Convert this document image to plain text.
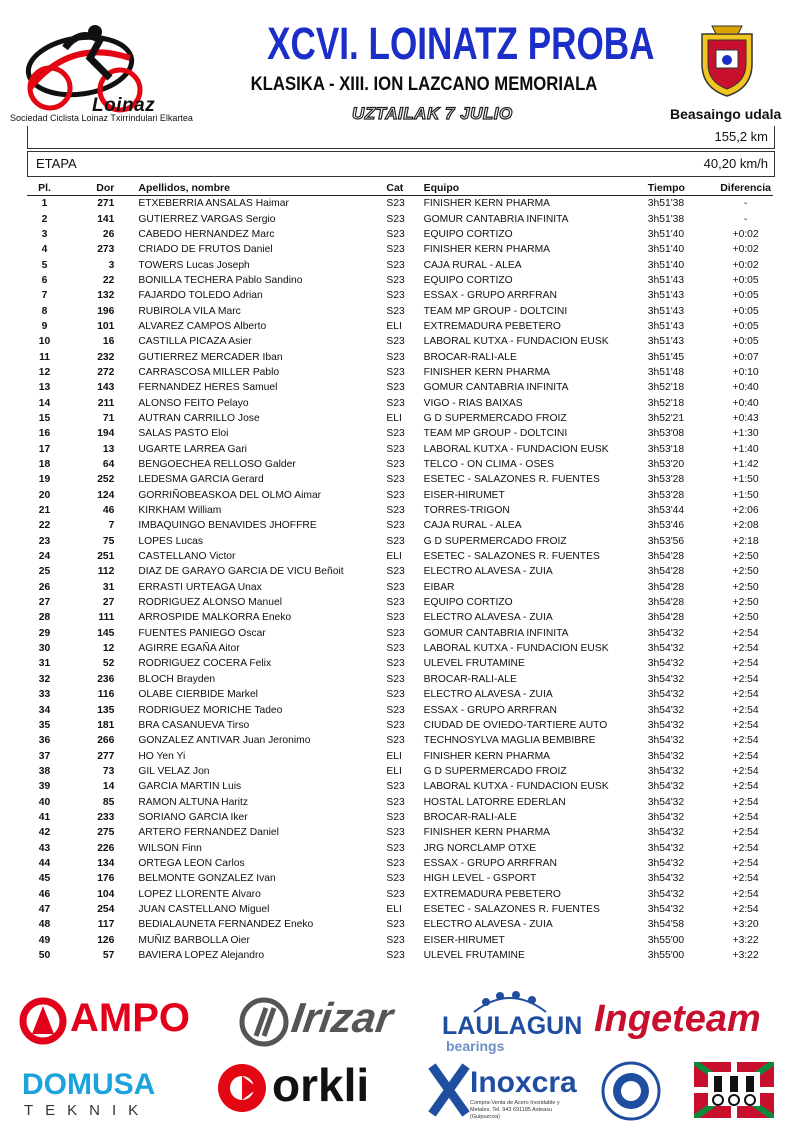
Loinaz
Sociedad Ciclista Loinaz Txirrindulari Elkartea
XCVI. LOINATZ PROBA
KLASIKA - XIII. ION LAZCANO MEMORIALA
UZTAILAK 7 JULIO	Beasaingo udala
155,2 km
ETAPA	40,20 km/h
Pl.	Dor	Apellidos, nombre	Cat	Equipo	Tiempo	Diferencia
1	271	ETXEBERRIA ANSALAS Haimar	S23	FINISHER KERN PHARMA	3h51'38	-
2	141	GUTIERREZ VARGAS Sergio	S23	GOMUR CANTABRIA INFINITA	3h51'38	-
3	26	CABEDO HERNANDEZ Marc	S23	EQUIPO CORTIZO	3h51'40	+0:02
4	273	CRIADO DE FRUTOS Daniel	S23	FINISHER KERN PHARMA	3h51'40	+0:02
5	3	TOWERS Lucas Joseph	S23	CAJA RURAL - ALEA	3h51'40	+0:02
6	22	BONILLA TECHERA Pablo Sandino	S23	EQUIPO CORTIZO	3h51'43	+0:05
7	132	FAJARDO TOLEDO Adrian	S23	ESSAX - GRUPO ARRFRAN	3h51'43	+0:05
8	196	RUBIROLA VILA Marc	S23	TEAM MP GROUP - DOLTCINI	3h51'43	+0:05
9	101	ALVAREZ CAMPOS Alberto	ELI	EXTREMADURA PEBETERO	3h51'43	+0:05
10	16	CASTILLA PICAZA Asier	S23	LABORAL KUTXA - FUNDACION EUSK	3h51'43	+0:05
11	232	GUTIERREZ MERCADER Iban	S23	BROCAR-RALI-ALE	3h51'45	+0:07
12	272	CARRASCOSA MILLER Pablo	S23	FINISHER KERN PHARMA	3h51'48	+0:10
13	143	FERNANDEZ HERES Samuel	S23	GOMUR CANTABRIA INFINITA	3h52'18	+0:40
14	211	ALONSO FEITO Pelayo	S23	VIGO - RIAS BAIXAS	3h52'18	+0:40
15	71	AUTRAN CARRILLO Jose	ELI	G D SUPERMERCADO FROIZ	3h52'21	+0:43
16	194	SALAS PASTO Eloi	S23	TEAM MP GROUP - DOLTCINI	3h53'08	+1:30
17	13	UGARTE LARREA Gari	S23	LABORAL KUTXA - FUNDACION EUSK	3h53'18	+1:40
18	64	BENGOECHEA RELLOSO Galder	S23	TELCO - ON CLIMA - OSES	3h53'20	+1:42
19	252	LEDESMA GARCIA Gerard	S23	ESETEC - SALAZONES R. FUENTES	3h53'28	+1:50
20	124	GORRIÑOBEASKOA DEL OLMO Aimar	S23	EISER-HIRUMET	3h53'28	+1:50
21	46	KIRKHAM William	S23	TORRES-TRIGON	3h53'44	+2:06
22	7	IMBAQUINGO BENAVIDES JHOFFRE	S23	CAJA RURAL - ALEA	3h53'46	+2:08
23	75	LOPES Lucas	S23	G D SUPERMERCADO FROIZ	3h53'56	+2:18
24	251	CASTELLANO Victor	ELI	ESETEC - SALAZONES R. FUENTES	3h54'28	+2:50
25	112	DIAZ DE GARAYO GARCIA DE VICU Beñoit	S23	ELECTRO ALAVESA - ZUIA	3h54'28	+2:50
26	31	ERRASTI URTEAGA Unax	S23	EIBAR	3h54'28	+2:50
27	27	RODRIGUEZ ALONSO Manuel	S23	EQUIPO CORTIZO	3h54'28	+2:50
28	111	ARROSPIDE MALKORRA Eneko	S23	ELECTRO ALAVESA - ZUIA	3h54'28	+2:50
29	145	FUENTES PANIEGO Oscar	S23	GOMUR CANTABRIA INFINITA	3h54'32	+2:54
30	12	AGIRRE EGAÑA Aitor	S23	LABORAL KUTXA - FUNDACION EUSK	3h54'32	+2:54
31	52	RODRIGUEZ COCERA Felix	S23	ULEVEL FRUTAMINE	3h54'32	+2:54
32	236	BLOCH Brayden	S23	BROCAR-RALI-ALE	3h54'32	+2:54
33	116	OLABE CIERBIDE Markel	S23	ELECTRO ALAVESA - ZUIA	3h54'32	+2:54
34	135	RODRIGUEZ MORICHE Tadeo	S23	ESSAX - GRUPO ARRFRAN	3h54'32	+2:54
35	181	BRA CASANUEVA Tirso	S23	CIUDAD DE OVIEDO-TARTIERE AUTO	3h54'32	+2:54
36	266	GONZALEZ ANTIVAR Juan Jeronimo	S23	TECHNOSYLVA MAGLIA BEMBIBRE	3h54'32	+2:54
37	277	HO Yen Yi	ELI	FINISHER KERN PHARMA	3h54'32	+2:54
38	73	GIL VELAZ Jon	ELI	G D SUPERMERCADO FROIZ	3h54'32	+2:54
39	14	GARCIA MARTIN Luis	S23	LABORAL KUTXA - FUNDACION EUSK	3h54'32	+2:54
40	85	RAMON ALTUNA Haritz	S23	HOSTAL LATORRE EDERLAN	3h54'32	+2:54
41	233	SORIANO GARCIA Iker	S23	BROCAR-RALI-ALE	3h54'32	+2:54
42	275	ARTERO FERNANDEZ Daniel	S23	FINISHER KERN PHARMA	3h54'32	+2:54
43	226	WILSON Finn	S23	JRG NORCLAMP OTXE	3h54'32	+2:54
44	134	ORTEGA LEON Carlos	S23	ESSAX - GRUPO ARRFRAN	3h54'32	+2:54
45	176	BELMONTE GONZALEZ Ivan	S23	HIGH LEVEL - GSPORT	3h54'32	+2:54
46	104	LOPEZ LLORENTE Alvaro	S23	EXTREMADURA PEBETERO	3h54'32	+2:54
47	254	JUAN CASTELLANO Miguel	ELI	ESETEC - SALAZONES R. FUENTES	3h54'32	+2:54
48	117	BEDIALAUNETA FERNANDEZ Eneko	S23	ELECTRO ALAVESA - ZUIA	3h54'58	+3:20
49	126	MUÑIZ BARBOLLA Oier	S23	EISER-HIRUMET	3h55'00	+3:22
50	57	BAVIERA LOPEZ Alejandro	S23	ULEVEL FRUTAMINE	3h55'00	+3:22
AMPO Irizar LAULAGUN
bearings
Ingeteam
DOMUSA
TEKNIK	orkli	Inoxcra
Compra-Venta de Acero Inoxidable y Metales. Tel. 943 691185 Asteasu (Guipuzcoa)
